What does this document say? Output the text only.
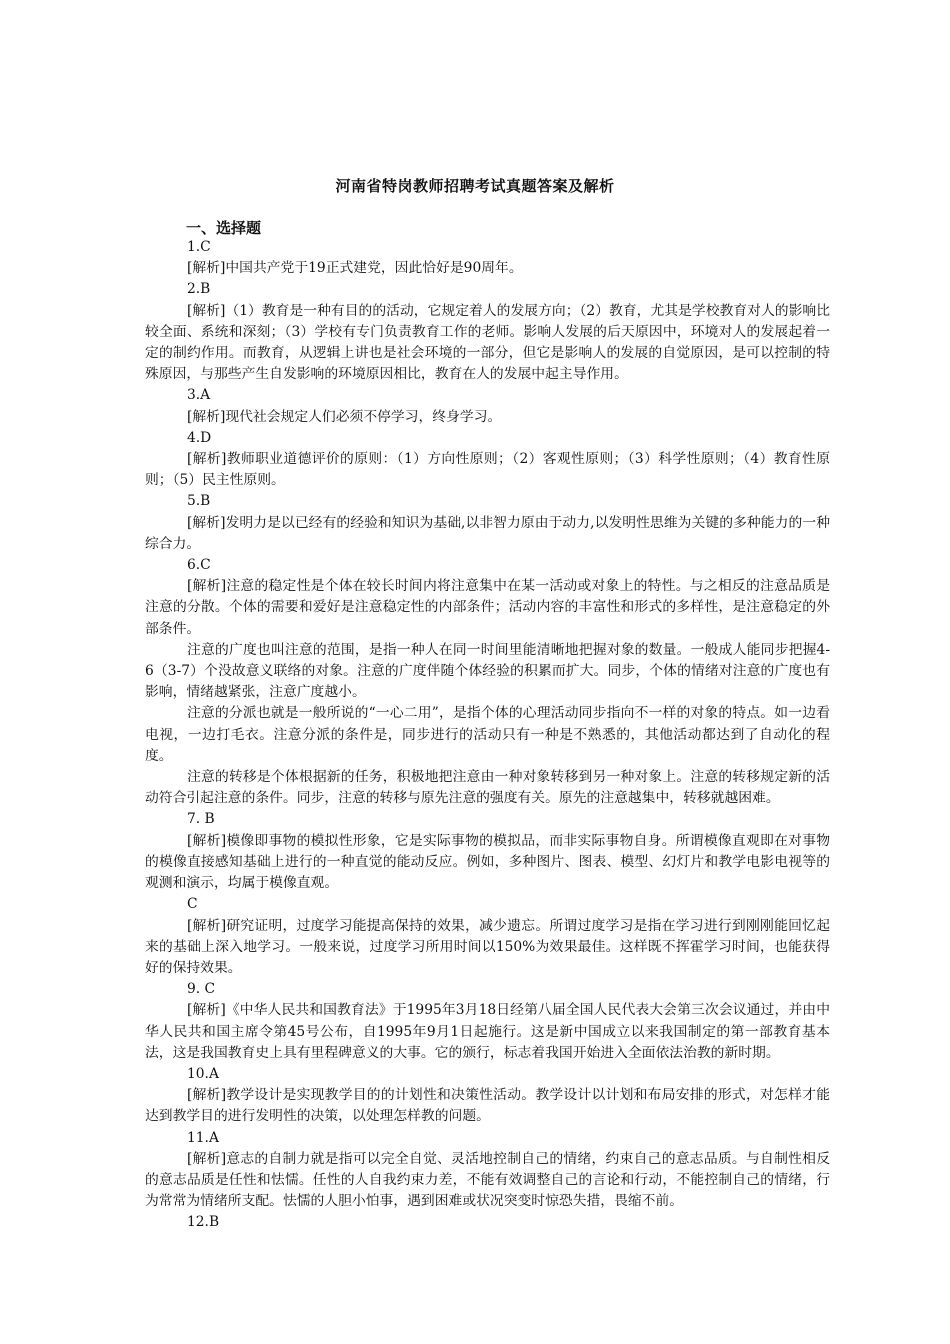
河南省特岗教师招聘考试真题答案及解析
一、选择题
1.C

[解析]中国共产党于19正式建党，因此恰好是90周年。

2.B

[解析]（1）教育是一种有目的的活动，它规定着人的发展方向；（2）教育，尤其是学校教育对人的影响比较全面、系统和深刻；（3）学校有专门负责教育工作的老师。影响人发展的后天原因中，环境对人的发展起着一定的制约作用。而教育，从逻辑上讲也是社会环境的一部分，但它是影响人的发展的自觉原因，是可以控制的特殊原因，与那些产生自发影响的环境原因相比，教育在人的发展中起主导作用。

3.A

[解析]现代社会规定人们必须不停学习，终身学习。

4.D

[解析]教师职业道德评价的原则：（1）方向性原则；（2）客观性原则；（3）科学性原则；（4）教育性原则；（5）民主性原则。

5.B

[解析]发明力是以已经有的经验和知识为基础,以非智力原由于动力,以发明性思维为关键的多种能力的一种综合力。

6.C

[解析]注意的稳定性是个体在较长时间内将注意集中在某一活动或对象上的特性。与之相反的注意品质是注意的分散。个体的需要和爱好是注意稳定性的内部条件；活动内容的丰富性和形式的多样性，是注意稳定的外部条件。

注意的广度也叫注意的范围，是指一种人在同一时间里能清晰地把握对象的数量。一般成人能同步把握4-6（3-7）个没故意义联络的对象。注意的广度伴随个体经验的积累而扩大。同步，个体的情绪对注意的广度也有影响，情绪越紧张，注意广度越小。

注意的分派也就是一般所说的“一心二用”，是指个体的心理活动同步指向不一样的对象的特点。如一边看电视，一边打毛衣。注意分派的条件是，同步进行的活动只有一种是不熟悉的，其他活动都达到了自动化的程度。

注意的转移是个体根据新的任务，积极地把注意由一种对象转移到另一种对象上。注意的转移规定新的活动符合引起注意的条件。同步，注意的转移与原先注意的强度有关。原先的注意越集中，转移就越困难。

7. B

[解析]模像即事物的模拟性形象，它是实际事物的模拟品，而非实际事物自身。所谓模像直观即在对事物的模像直接感知基础上进行的一种直觉的能动反应。例如，多种图片、图表、模型、幻灯片和教学电影电视等的观测和演示，均属于模像直观。

C

[解析]研究证明，过度学习能提高保持的效果，减少遗忘。所谓过度学习是指在学习进行到刚刚能回忆起来的基础上深入地学习。一般来说，过度学习所用时间以150%为效果最佳。这样既不挥霍学习时间，也能获得好的保持效果。

9. C

[解析]《中华人民共和国教育法》于1995年3月18日经第八届全国人民代表大会第三次会议通过，并由中华人民共和国主席令第45号公布，自1995年9月1日起施行。这是新中国成立以来我国制定的第一部教育基本法，这是我国教育史上具有里程碑意义的大事。它的颁行，标志着我国开始进入全面依法治教的新时期。

10.A

[解析]教学设计是实现教学目的的计划性和决策性活动。教学设计以计划和布局安排的形式，对怎样才能达到教学目的进行发明性的决策，以处理怎样教的问题。

11.A

[解析]意志的自制力就是指可以完全自觉、灵活地控制自己的情绪，约束自己的意志品质。与自制性相反的意志品质是任性和怯懦。任性的人自我约束力差，不能有效调整自己的言论和行动，不能控制自己的情绪，行为常常为情绪所支配。怯懦的人胆小怕事，遇到困难或状况突变时惊恐失措，畏缩不前。

12.B
